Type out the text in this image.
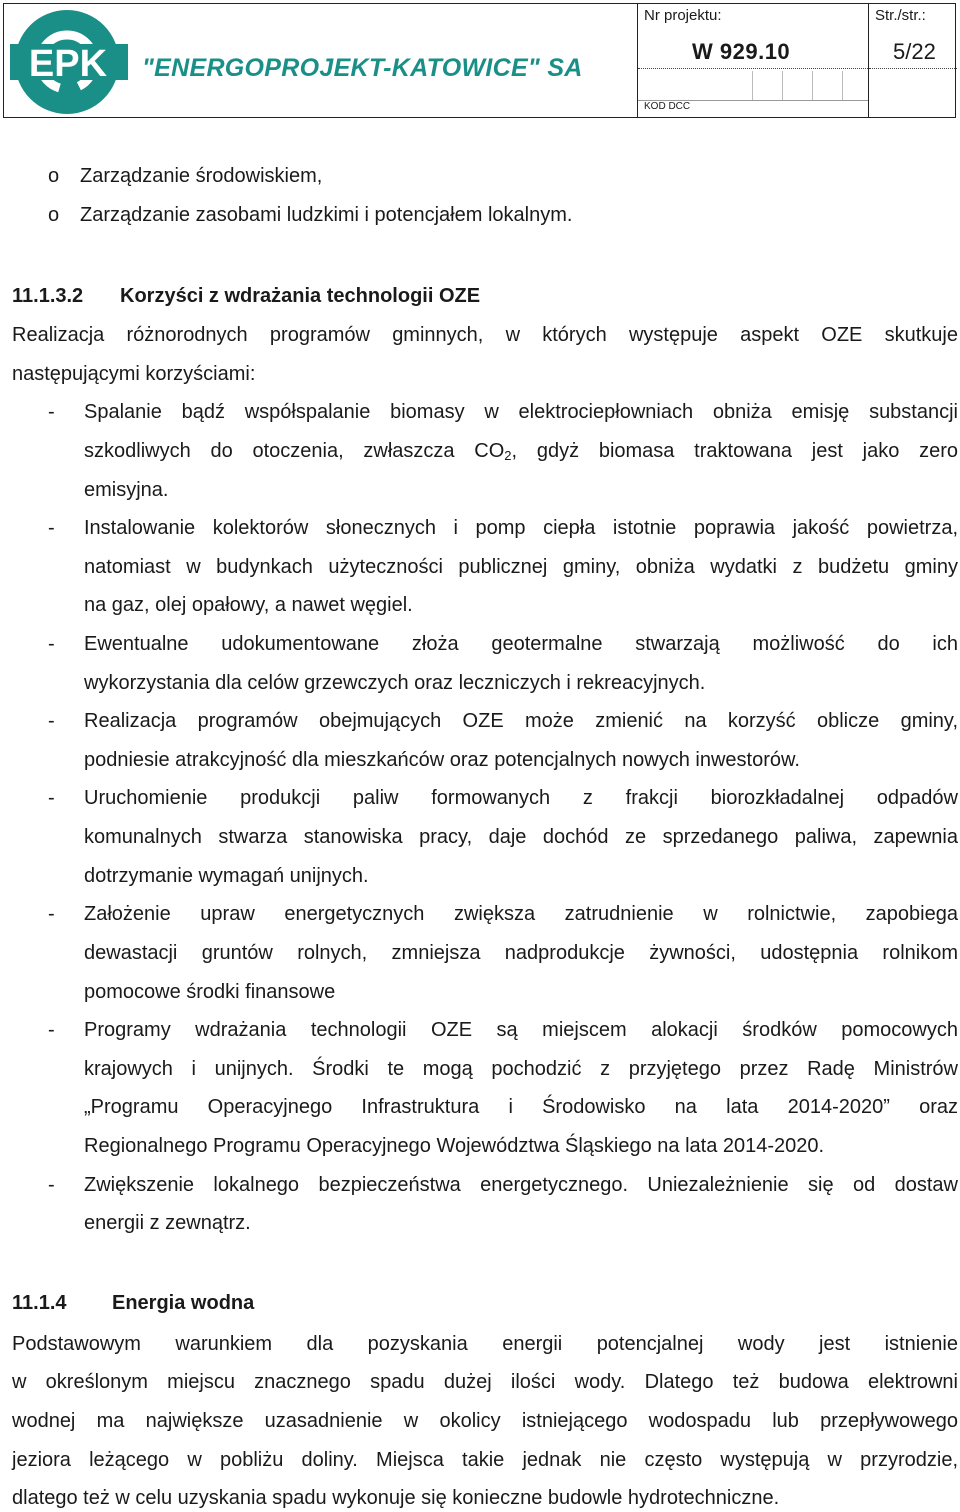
EPK "ENERGOPROJEKT-KATOWICE" SA
Nr projektu:
W 929.10
KOD DCC
Str./str.:
5/22
o Zarządzanie środowiskiem,
o Zarządzanie zasobami ludzkimi i potencjałem lokalnym.
11.1.3.2 Korzyści z wdrażania technologii OZE
Realizacja różnorodnych programów gminnych, w których występuje aspekt OZE skutkuje
następującymi korzyściami:
- Spalanie bądź współspalanie biomasy w elektrociepłowniach obniża emisję substancji
szkodliwych do otoczenia, zwłaszcza $CO_2$, gdyż biomasa traktowana jest jako zero
emisyjna.
- Instalowanie kolektorów słonecznych i pomp ciepła istotnie poprawia jakość powietrza,
natomiast w budynkach użyteczności publicznej gminy, obniża wydatki z budżetu gminy
na gaz, olej opałowy, a nawet węgiel.
- Ewentualne udokumentowane złoża geotermalne stwarzają możliwość do ich
wykorzystania dla celów grzewczych oraz leczniczych i rekreacyjnych.
- Realizacja programów obejmujących OZE może zmienić na korzyść oblicze gminy,
podniesie atrakcyjność dla mieszkańców oraz potencjalnych nowych inwestorów.
- Uruchomienie produkcji paliw formowanych z frakcji biorozkładalnej odpadów
komunalnych stwarza stanowiska pracy, daje dochód ze sprzedanego paliwa, zapewnia
dotrzymanie wymagań unijnych.
- Założenie upraw energetycznych zwiększa zatrudnienie w rolnictwie, zapobiega
dewastacji gruntów rolnych, zmniejsza nadprodukcje żywności, udostępnia rolnikom
pomocowe środki finansowe
- Programy wdrażania technologii OZE są miejscem alokacji środków pomocowych
krajowych i unijnych. Środki te mogą pochodzić z przyjętego przez Radę Ministrów
„Programu Operacyjnego Infrastruktura i Środowisko na lata 2014-2020” oraz
Regionalnego Programu Operacyjnego Województwa Śląskiego na lata 2014-2020.
- Zwiększenie lokalnego bezpieczeństwa energetycznego. Uniezależnienie się od dostaw
energii z zewnątrz.
11.1.4 Energia wodna
Podstawowym warunkiem dla pozyskania energii potencjalnej wody jest istnienie
w określonym miejscu znacznego spadu dużej ilości wody. Dlatego też budowa elektrowni
wodnej ma największe uzasadnienie w okolicy istniejącego wodospadu lub przepływowego
jeziora leżącego w pobliżu doliny. Miejsca takie jednak nie często występują w przyrodzie,
dlatego też w celu uzyskania spadu wykonuje się konieczne budowle hydrotechniczne.
